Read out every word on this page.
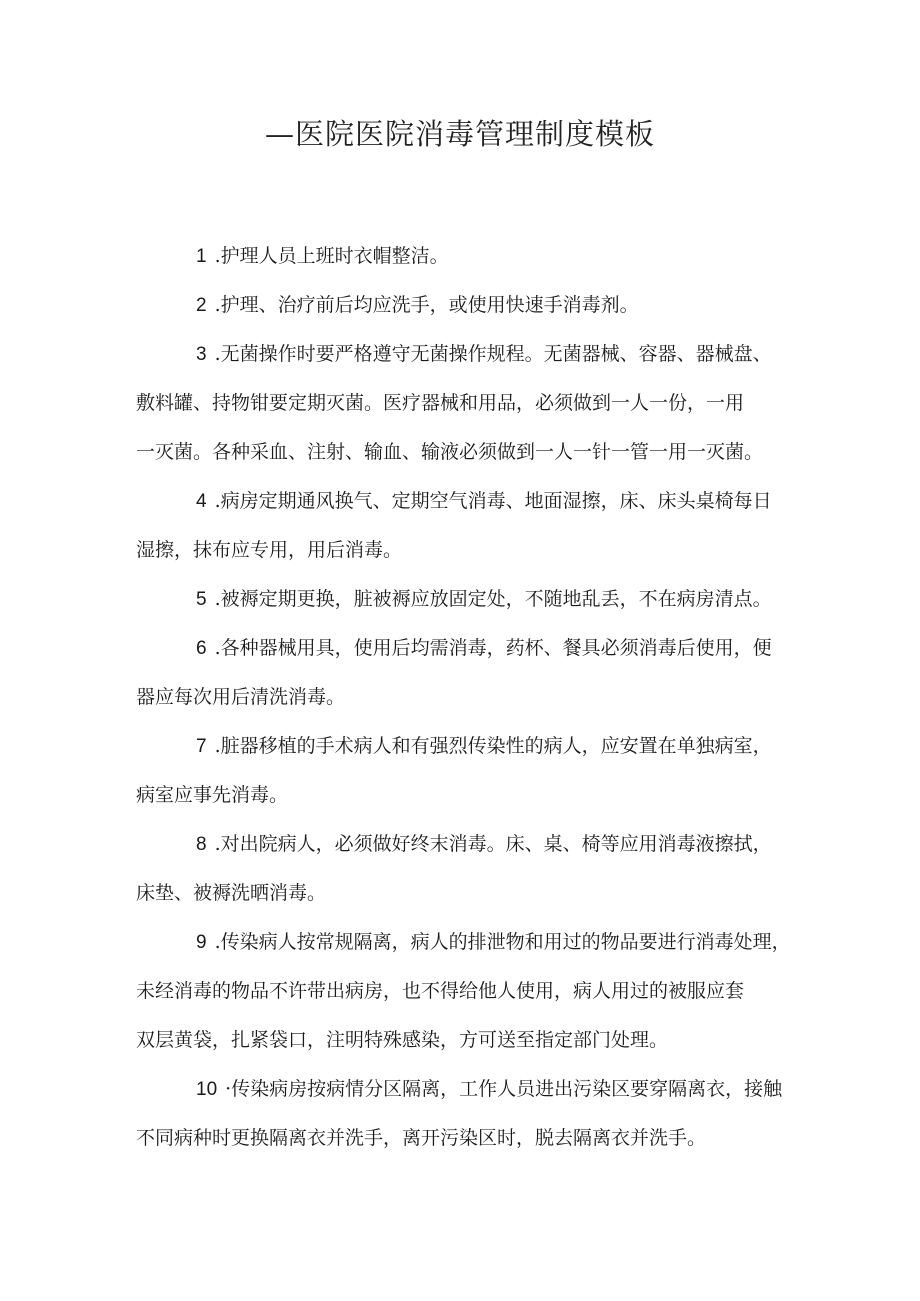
—医院医院消毒管理制度模板

1 .护理人员上班时衣帽整洁。

2 .护理、治疗前后均应洗手，或使用快速手消毒剂。

3 .无菌操作时要严格遵守无菌操作规程。无菌器械、容器、器械盘、
敷料罐、持物钳要定期灭菌。医疗器械和用品，必须做到一人一份，一用
一灭菌。各种采血、注射、输血、输液必须做到一人一针一管一用一灭菌。

4 .病房定期通风换气、定期空气消毒、地面湿擦，床、床头桌椅每日
湿擦，抹布应专用，用后消毒。

5 .被褥定期更换，脏被褥应放固定处，不随地乱丢，不在病房清点。

6 .各种器械用具，使用后均需消毒，药杯、餐具必须消毒后使用，便
器应每次用后清洗消毒。

7 .脏器移植的手术病人和有强烈传染性的病人，应安置在单独病室，
病室应事先消毒。

8 .对出院病人，必须做好终末消毒。床、桌、椅等应用消毒液擦拭，
床垫、被褥洗晒消毒。

9 .传染病人按常规隔离，病人的排泄物和用过的物品要进行消毒处理，
未经消毒的物品不许带出病房，也不得给他人使用，病人用过的被服应套
双层黄袋，扎紧袋口，注明特殊感染，方可送至指定部门处理。

10 ·传染病房按病情分区隔离，工作人员进出污染区要穿隔离衣，接触
不同病种时更换隔离衣并洗手，离开污染区时，脱去隔离衣并洗手。
